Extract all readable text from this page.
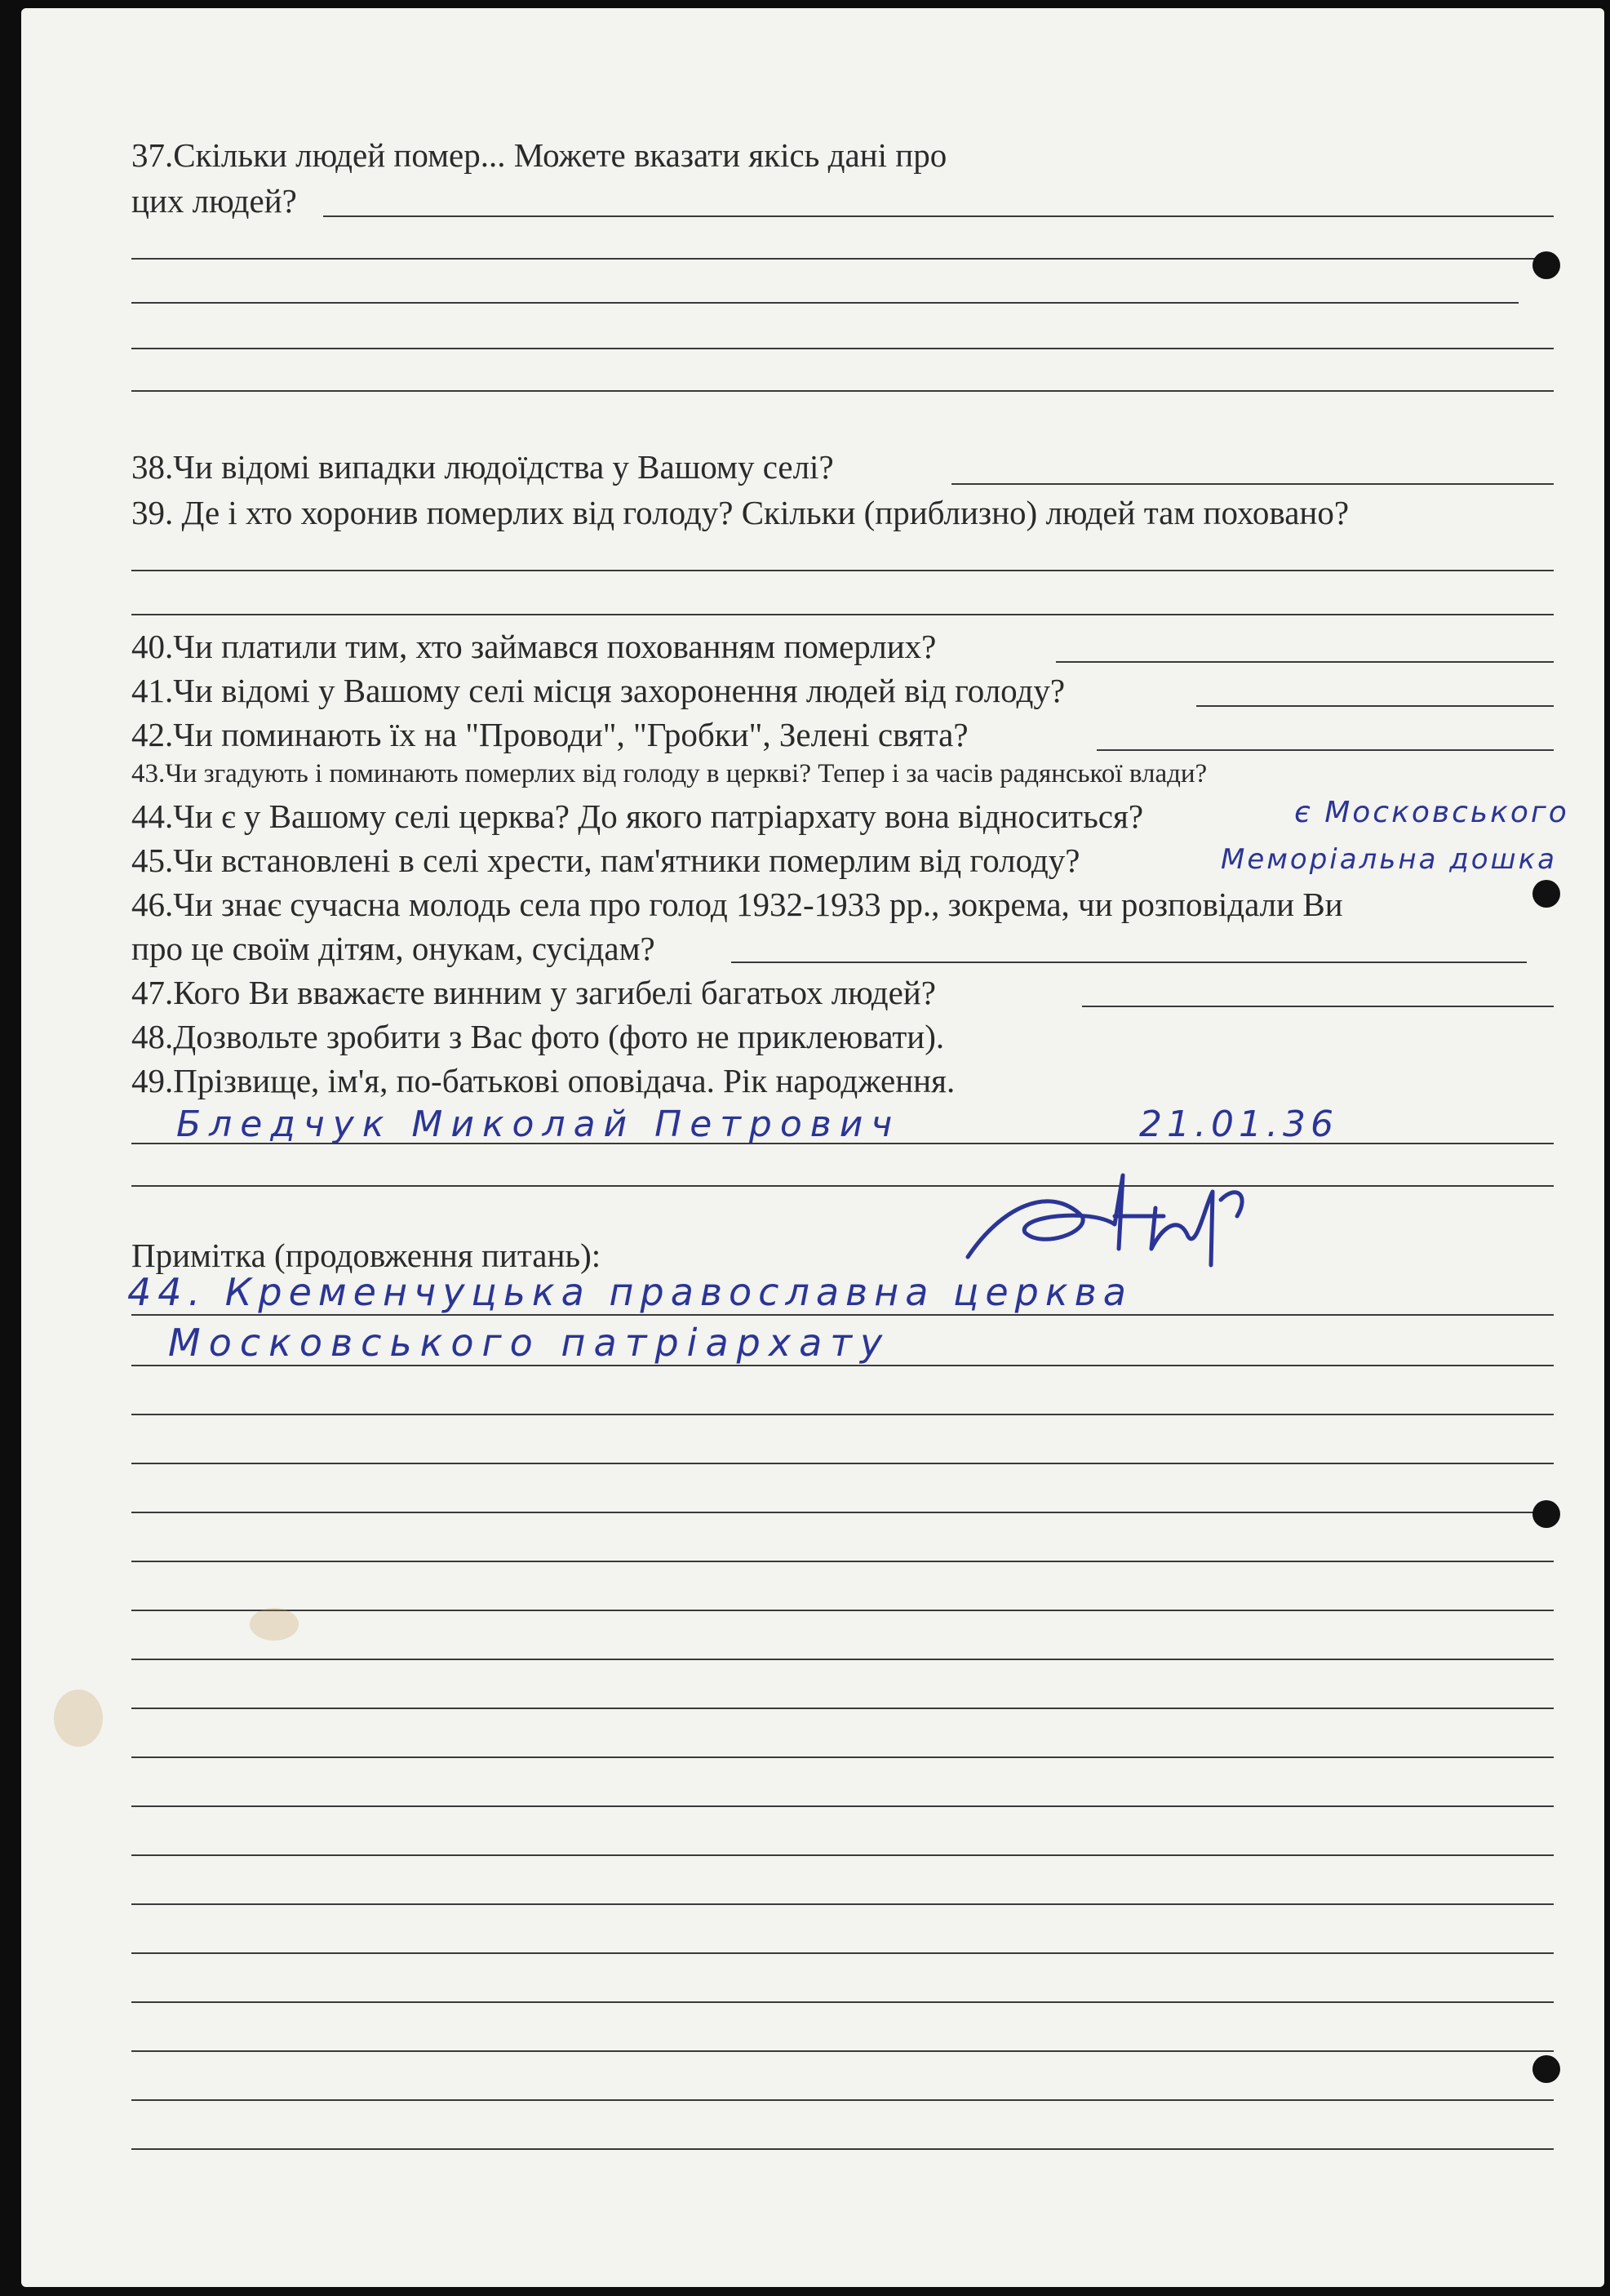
37.Скільки людей помер... Можете вказати якісь дані про
цих людей?
38.Чи відомі випадки людоїдства у Вашому селі?
39. Де і хто хоронив померлих від голоду? Скільки (приблизно) людей там поховано?
40.Чи платили тим, хто займався похованням померлих?
41.Чи відомі у Вашому селі місця захоронення людей від голоду?
42.Чи поминають їх на "Проводи", "Гробки", Зелені свята?
43.Чи згадують і поминають померлих від голоду в церкві? Тепер і за часів радянської влади?
44.Чи є у Вашому селі церква? До якого патріархату вона відноситься?	є Московського
45.Чи встановлені в селі хрести, пам'ятники померлим від голоду?	Меморіальна дошка
46.Чи знає сучасна молодь села про голод 1932-1933 рр., зокрема, чи розповідали Ви
про це своїм дітям, онукам, сусідам?
47.Кого Ви вважаєте винним у загибелі багатьох людей?
48.Дозвольте зробити з Вас фото (фото не приклеювати).
49.Прізвище, ім'я, по-батькові оповідача. Рік народження.
Бледчук Миколай Петрович	21.01.36
Примітка (продовження питань):
44. Кременчуцька православна церква
Московського патріархату
